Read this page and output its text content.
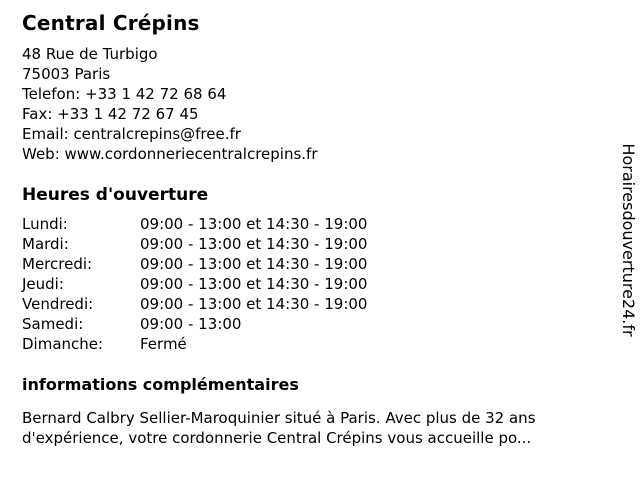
Central Crépins
48 Rue de Turbigo
75003 Paris
Telefon: +33 1 42 72 68 64
Fax: +33 1 42 72 67 45
Email: centralcrepins@free.fr
Web: www.cordonneriecentralcrepins.fr
Heures d'ouverture
Lundi:	09:00 - 13:00 et 14:30 - 19:00
Mardi:	09:00 - 13:00 et 14:30 - 19:00
Mercredi:	09:00 - 13:00 et 14:30 - 19:00
Jeudi:	09:00 - 13:00 et 14:30 - 19:00
Vendredi:	09:00 - 13:00 et 14:30 - 19:00
Samedi:	09:00 - 13:00
Dimanche:	Fermé
informations complémentaires

Bernard Calbry Sellier-Maroquinier situé à Paris. Avec plus de 32 ans d'expérience, votre cordonnerie Central Crépins vous accueille po...

Horairesdouverture24.fr
